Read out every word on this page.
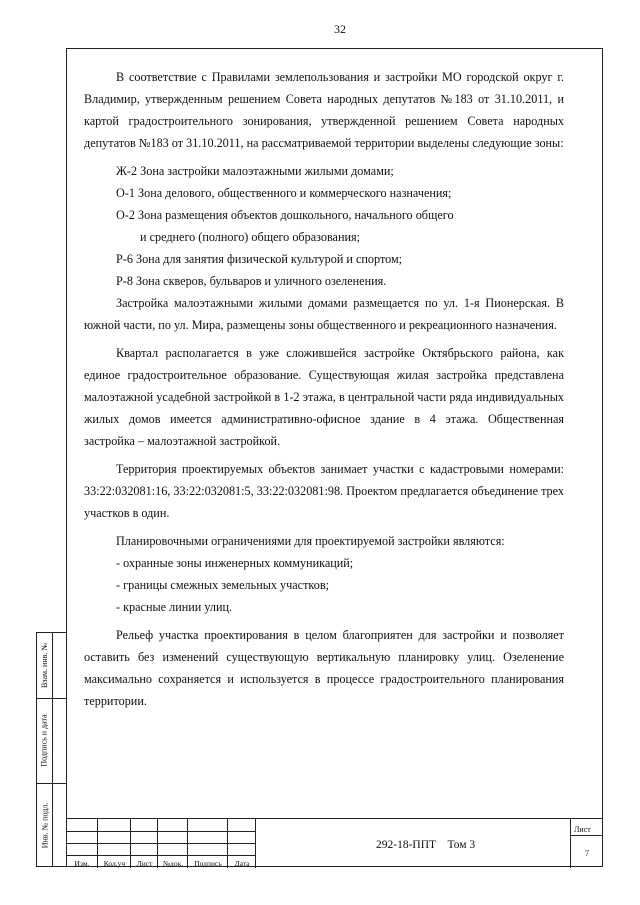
32

В соответствие с Правилами землепользования и застройки МО городской округ г. Владимир, утвержденным решением Совета народных депутатов №183 от 31.10.2011, и картой градостроительного зонирования, утвержденной решением Совета народных депутатов №183 от 31.10.2011, на рассматриваемой территории выделены следующие зоны:

Ж-2 Зона застройки малоэтажными жилыми домами;

О-1 Зона делового, общественного и коммерческого назначения;

О-2 Зона размещения объектов дошкольного, начального общего

и среднего (полного) общего образования;

Р-6 Зона для занятия физической культурой и спортом;

Р-8 Зона скверов, бульваров и уличного озеленения.

Застройка малоэтажными жилыми домами размещается по ул. 1-я Пионерская. В южной части, по ул. Мира, размещены зоны общественного и рекреационного назначения.

Квартал располагается в уже сложившейся застройке Октябрьского района, как единое градостроительное образование. Существующая жилая застройка представлена малоэтажной усадебной застройкой в 1-2 этажа, в центральной части ряда индивидуальных жилых домов имеется административно-офисное здание в 4 этажа. Общественная застройка – малоэтажной застройкой.

Территория проектируемых объектов занимает участки с кадастровыми номерами: 33:22:032081:16, 33:22:032081:5, 33:22:032081:98. Проектом предлагается объединение трех участков в один.

Планировочными ограничениями для проектируемой застройки являются:

- охранные зоны инженерных коммуникаций;

- границы смежных земельных участков;

- красные линии улиц.

Рельеф участка проектирования в целом благоприятен для застройки и позволяет оставить без изменений существующую вертикальную планировку улиц. Озеленение максимально сохраняется и используется в процессе градостроительного планирования территории.

Взам. инв. №
Подпись и дата
Инв. № подл.
Изм.	Кол.уч	Лист	№док.	Подпись	Дата
292-18-ППТ    Том 3
Лист
7
